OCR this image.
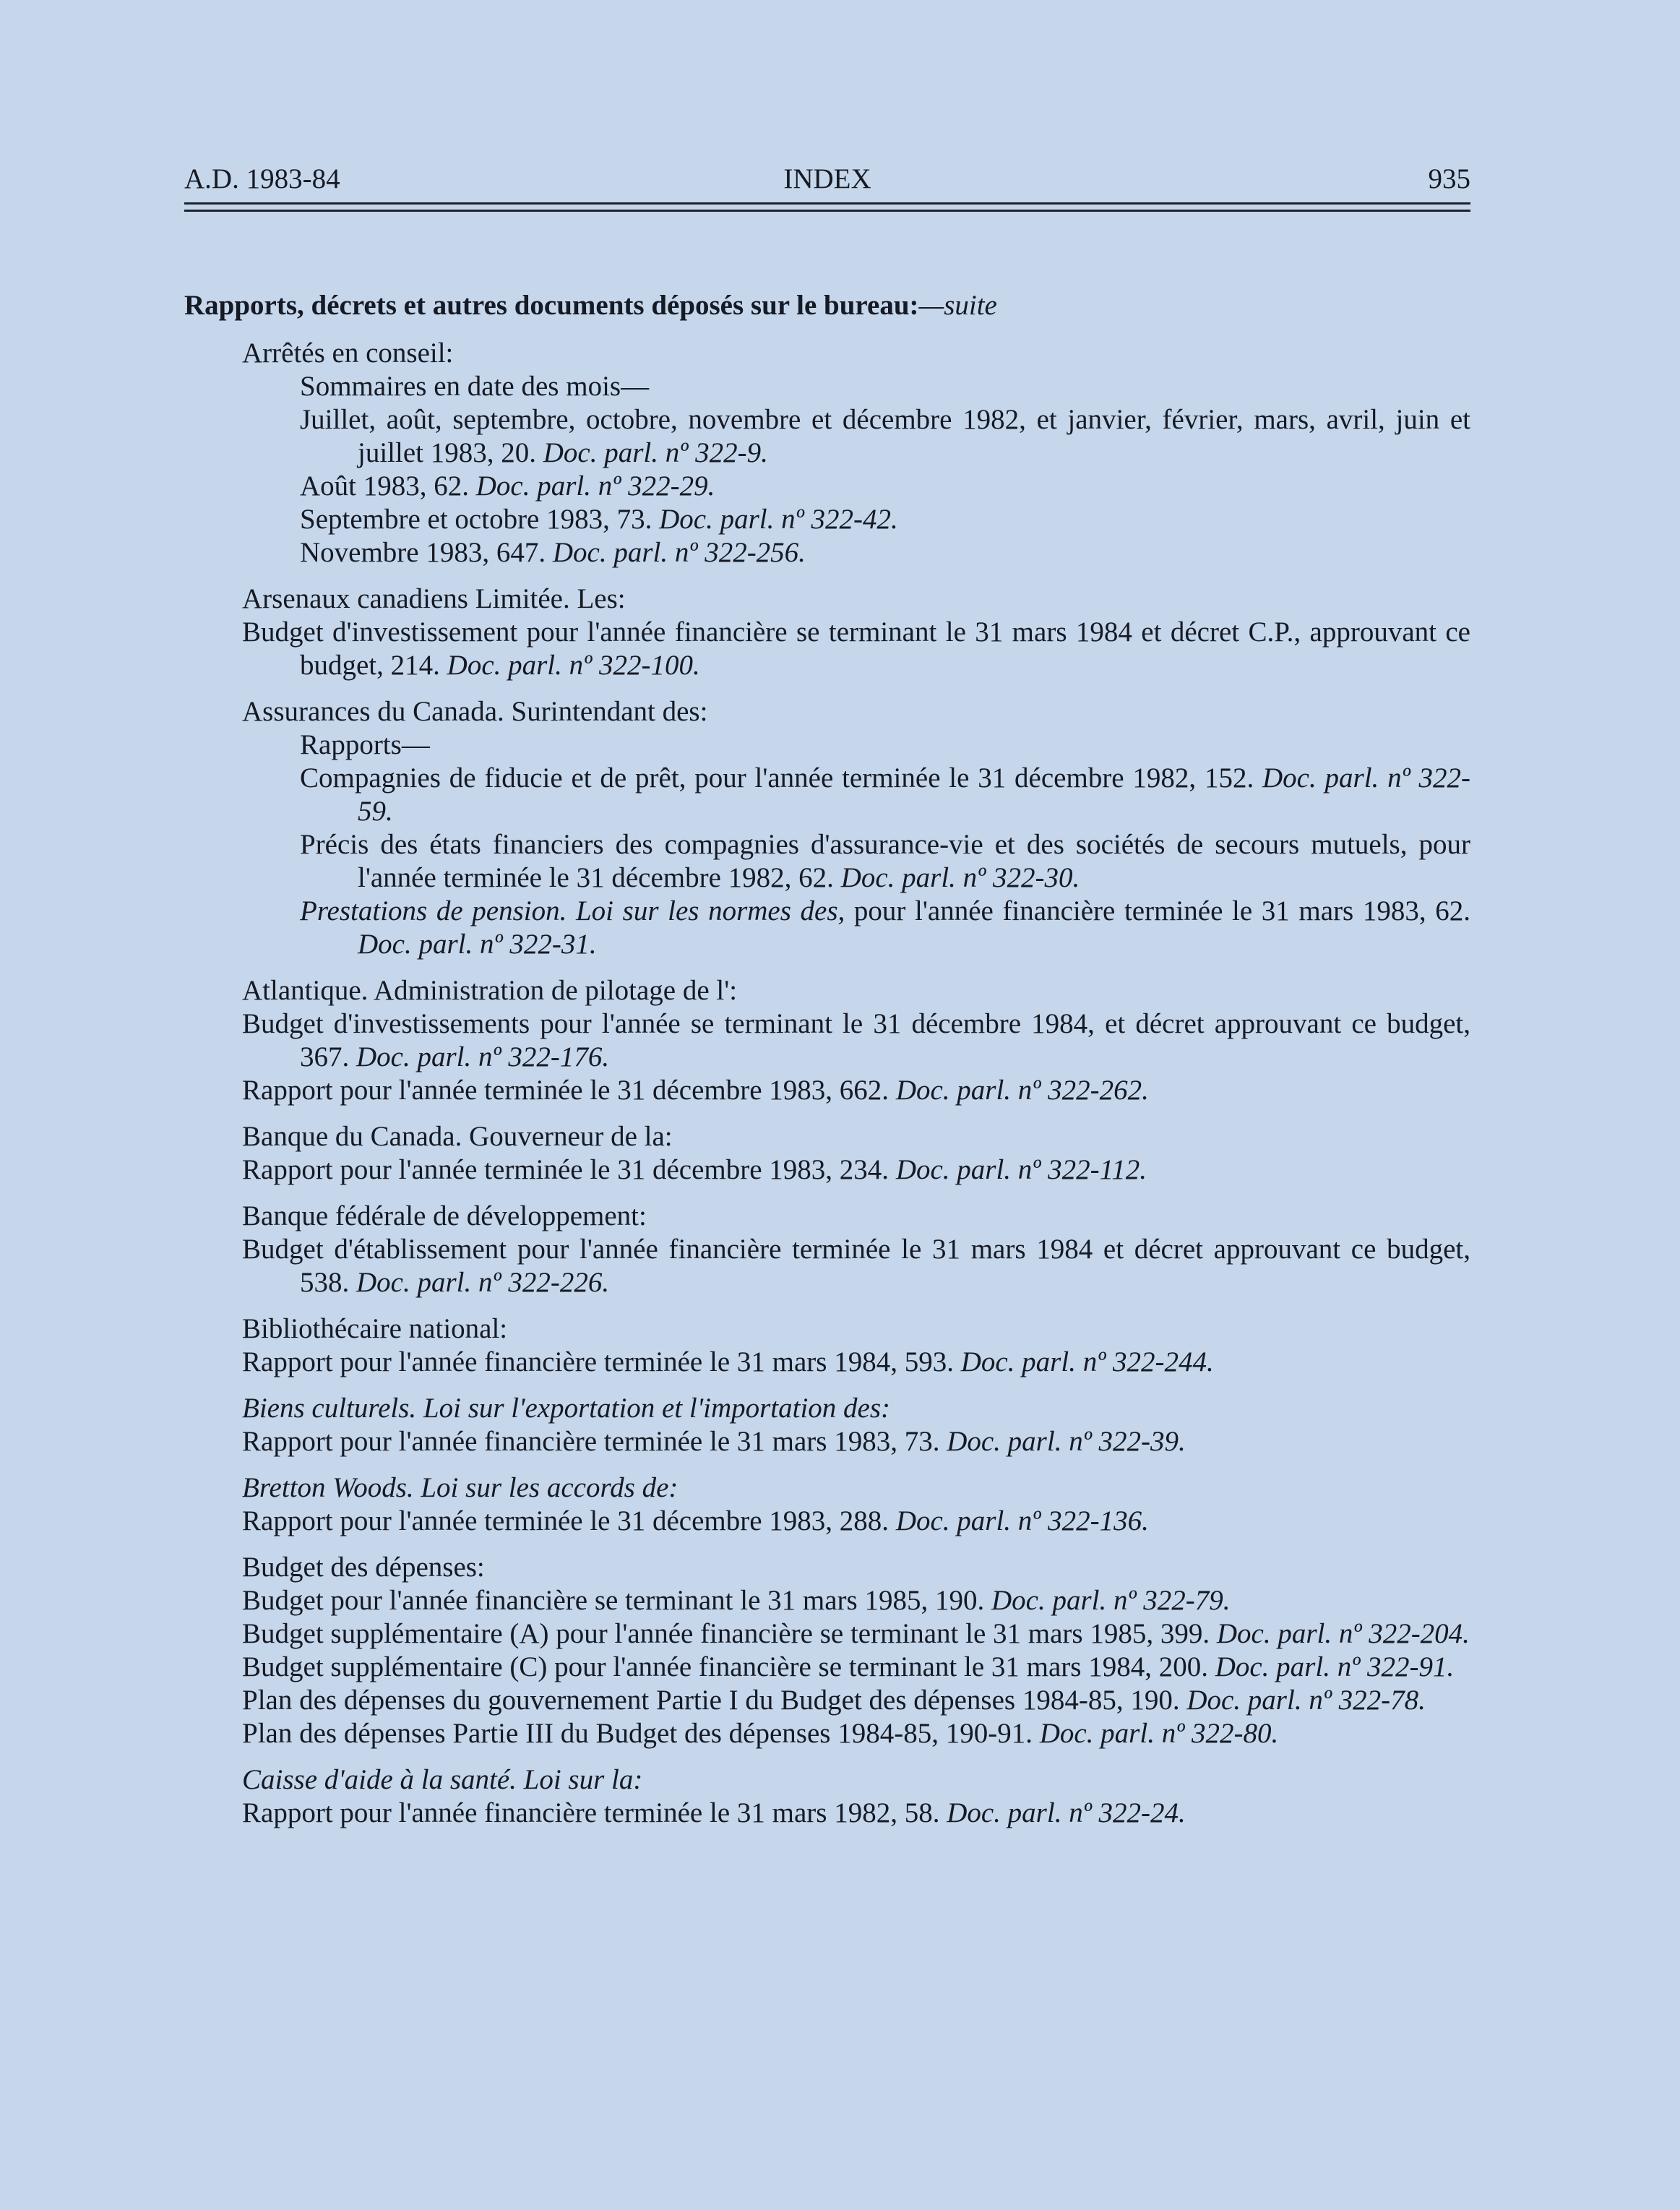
A.D. 1983-84	INDEX	935
Rapports, décrets et autres documents déposés sur le bureau:—suite
Arrêtés en conseil:
Sommaires en date des mois—
Juillet, août, septembre, octobre, novembre et décembre 1982, et janvier, février, mars, avril, juin et juillet 1983, 20. Doc. parl. nº 322-9.
Août 1983, 62. Doc. parl. nº 322-29.
Septembre et octobre 1983, 73. Doc. parl. nº 322-42.
Novembre 1983, 647. Doc. parl. nº 322-256.
Arsenaux canadiens Limitée. Les:
Budget d'investissement pour l'année financière se terminant le 31 mars 1984 et décret C.P., approuvant ce budget, 214. Doc. parl. nº 322-100.
Assurances du Canada. Surintendant des:
Rapports—
Compagnies de fiducie et de prêt, pour l'année terminée le 31 décembre 1982, 152. Doc. parl. nº 322-59.
Précis des états financiers des compagnies d'assurance-vie et des sociétés de secours mutuels, pour l'année terminée le 31 décembre 1982, 62. Doc. parl. nº 322-30.
Prestations de pension. Loi sur les normes des, pour l'année financière terminée le 31 mars 1983, 62. Doc. parl. nº 322-31.
Atlantique. Administration de pilotage de l':
Budget d'investissements pour l'année se terminant le 31 décembre 1984, et décret approuvant ce budget, 367. Doc. parl. nº 322-176.
Rapport pour l'année terminée le 31 décembre 1983, 662. Doc. parl. nº 322-262.
Banque du Canada. Gouverneur de la:
Rapport pour l'année terminée le 31 décembre 1983, 234. Doc. parl. nº 322-112.
Banque fédérale de développement:
Budget d'établissement pour l'année financière terminée le 31 mars 1984 et décret approuvant ce budget, 538. Doc. parl. nº 322-226.
Bibliothécaire national:
Rapport pour l'année financière terminée le 31 mars 1984, 593. Doc. parl. nº 322-244.
Biens culturels. Loi sur l'exportation et l'importation des:
Rapport pour l'année financière terminée le 31 mars 1983, 73. Doc. parl. nº 322-39.
Bretton Woods. Loi sur les accords de:
Rapport pour l'année terminée le 31 décembre 1983, 288. Doc. parl. nº 322-136.
Budget des dépenses:
Budget pour l'année financière se terminant le 31 mars 1985, 190. Doc. parl. nº 322-79.
Budget supplémentaire (A) pour l'année financière se terminant le 31 mars 1985, 399. Doc. parl. nº 322-204.
Budget supplémentaire (C) pour l'année financière se terminant le 31 mars 1984, 200. Doc. parl. nº 322-91.
Plan des dépenses du gouvernement Partie I du Budget des dépenses 1984-85, 190. Doc. parl. nº 322-78.
Plan des dépenses Partie III du Budget des dépenses 1984-85, 190-91. Doc. parl. nº 322-80.
Caisse d'aide à la santé. Loi sur la:
Rapport pour l'année financière terminée le 31 mars 1982, 58. Doc. parl. nº 322-24.
